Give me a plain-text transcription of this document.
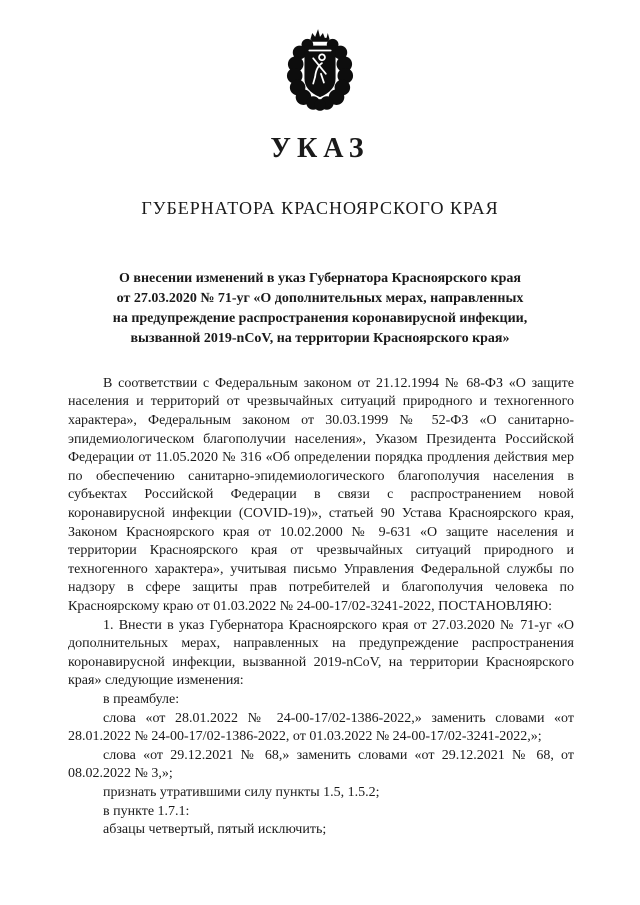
УКАЗ
ГУБЕРНАТОРА КРАСНОЯРСКОГО КРАЯ
О внесении изменений в указ Губернатора Красноярского края
от 27.03.2020 № 71-уг «О дополнительных мерах, направленных
на предупреждение распространения коронавирусной инфекции,
вызванной 2019-nCoV, на территории Красноярского края»

В соответствии с Федеральным законом от 21.12.1994 № 68-ФЗ «О защите населения и территорий от чрезвычайных ситуаций природного и техногенного характера», Федеральным законом от 30.03.1999 № 52-ФЗ «О санитарно-эпидемиологическом благополучии населения», Указом Президента Российской Федерации от 11.05.2020 № 316 «Об определении порядка продления действия мер по обеспечению санитарно-эпидемиологического благополучия населения в субъектах Российской Федерации в связи с распространением новой коронавирусной инфекции (COVID-19)», статьей 90 Устава Красноярского края, Законом Красноярского края от 10.02.2000 № 9-631 «О защите населения и территории Красноярского края от чрезвычайных ситуаций природного и техногенного характера», учитывая письмо Управления Федеральной службы по надзору в сфере защиты прав потребителей и благополучия человека по Красноярскому краю от 01.03.2022 № 24-00-17/02-3241-2022, ПОСТАНОВЛЯЮ:

1. Внести в указ Губернатора Красноярского края от 27.03.2020 № 71-уг «О дополнительных мерах, направленных на предупреждение распространения коронавирусной инфекции, вызванной 2019-nCoV, на территории Красноярского края» следующие изменения:

в преамбуле:

слова «от 28.01.2022 № 24-00-17/02-1386-2022,» заменить словами «от 28.01.2022 № 24-00-17/02-1386-2022, от 01.03.2022 № 24-00-17/02-3241-2022,»;

слова «от 29.12.2021 № 68,» заменить словами «от 29.12.2021 № 68, от 08.02.2022 № 3,»;

признать утратившими силу пункты 1.5, 1.5.2;

в пункте 1.7.1:

абзацы четвертый, пятый исключить;
